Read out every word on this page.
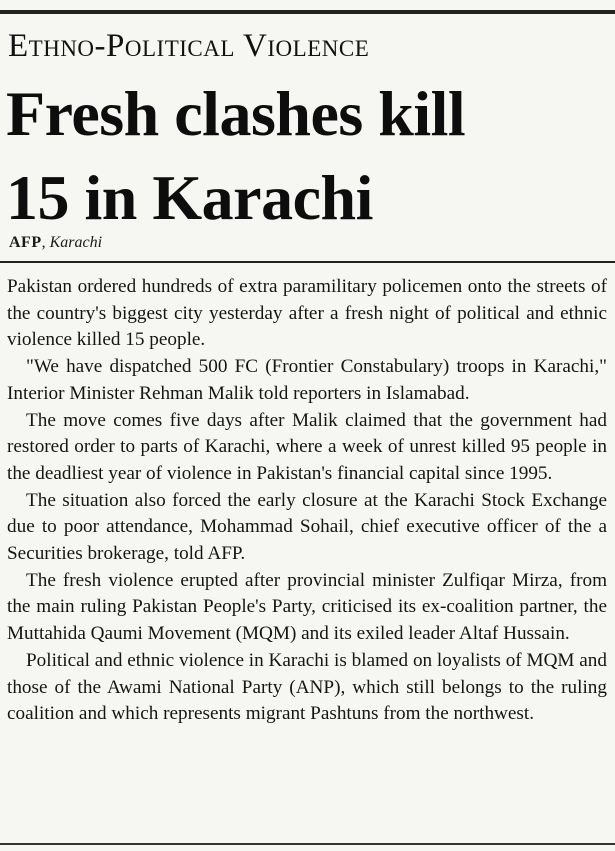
Ethno-Political Violence
Fresh clashes kill
15 in Karachi
AFP, Karachi

Pakistan ordered hundreds of extra paramilitary policemen onto the streets of the country's biggest city yesterday after a fresh night of political and ethnic violence killed 15 people.

"We have dispatched 500 FC (Frontier Constabulary) troops in Karachi," Interior Minister Rehman Malik told reporters in Islamabad.

The move comes five days after Malik claimed that the government had restored order to parts of Karachi, where a week of unrest killed 95 people in the deadliest year of violence in Pakistan's financial capital since 1995.

The situation also forced the early closure at the Karachi Stock Exchange due to poor attendance, Mohammad Sohail, chief executive officer of the a Securities brokerage, told AFP.

The fresh violence erupted after provincial minister Zulfiqar Mirza, from the main ruling Pakistan People's Party, criticised its ex-coalition partner, the Muttahida Qaumi Movement (MQM) and its exiled leader Altaf Hussain.

Political and ethnic violence in Karachi is blamed on loyalists of MQM and those of the Awami National Party (ANP), which still belongs to the ruling coalition and which represents migrant Pashtuns from the northwest.
